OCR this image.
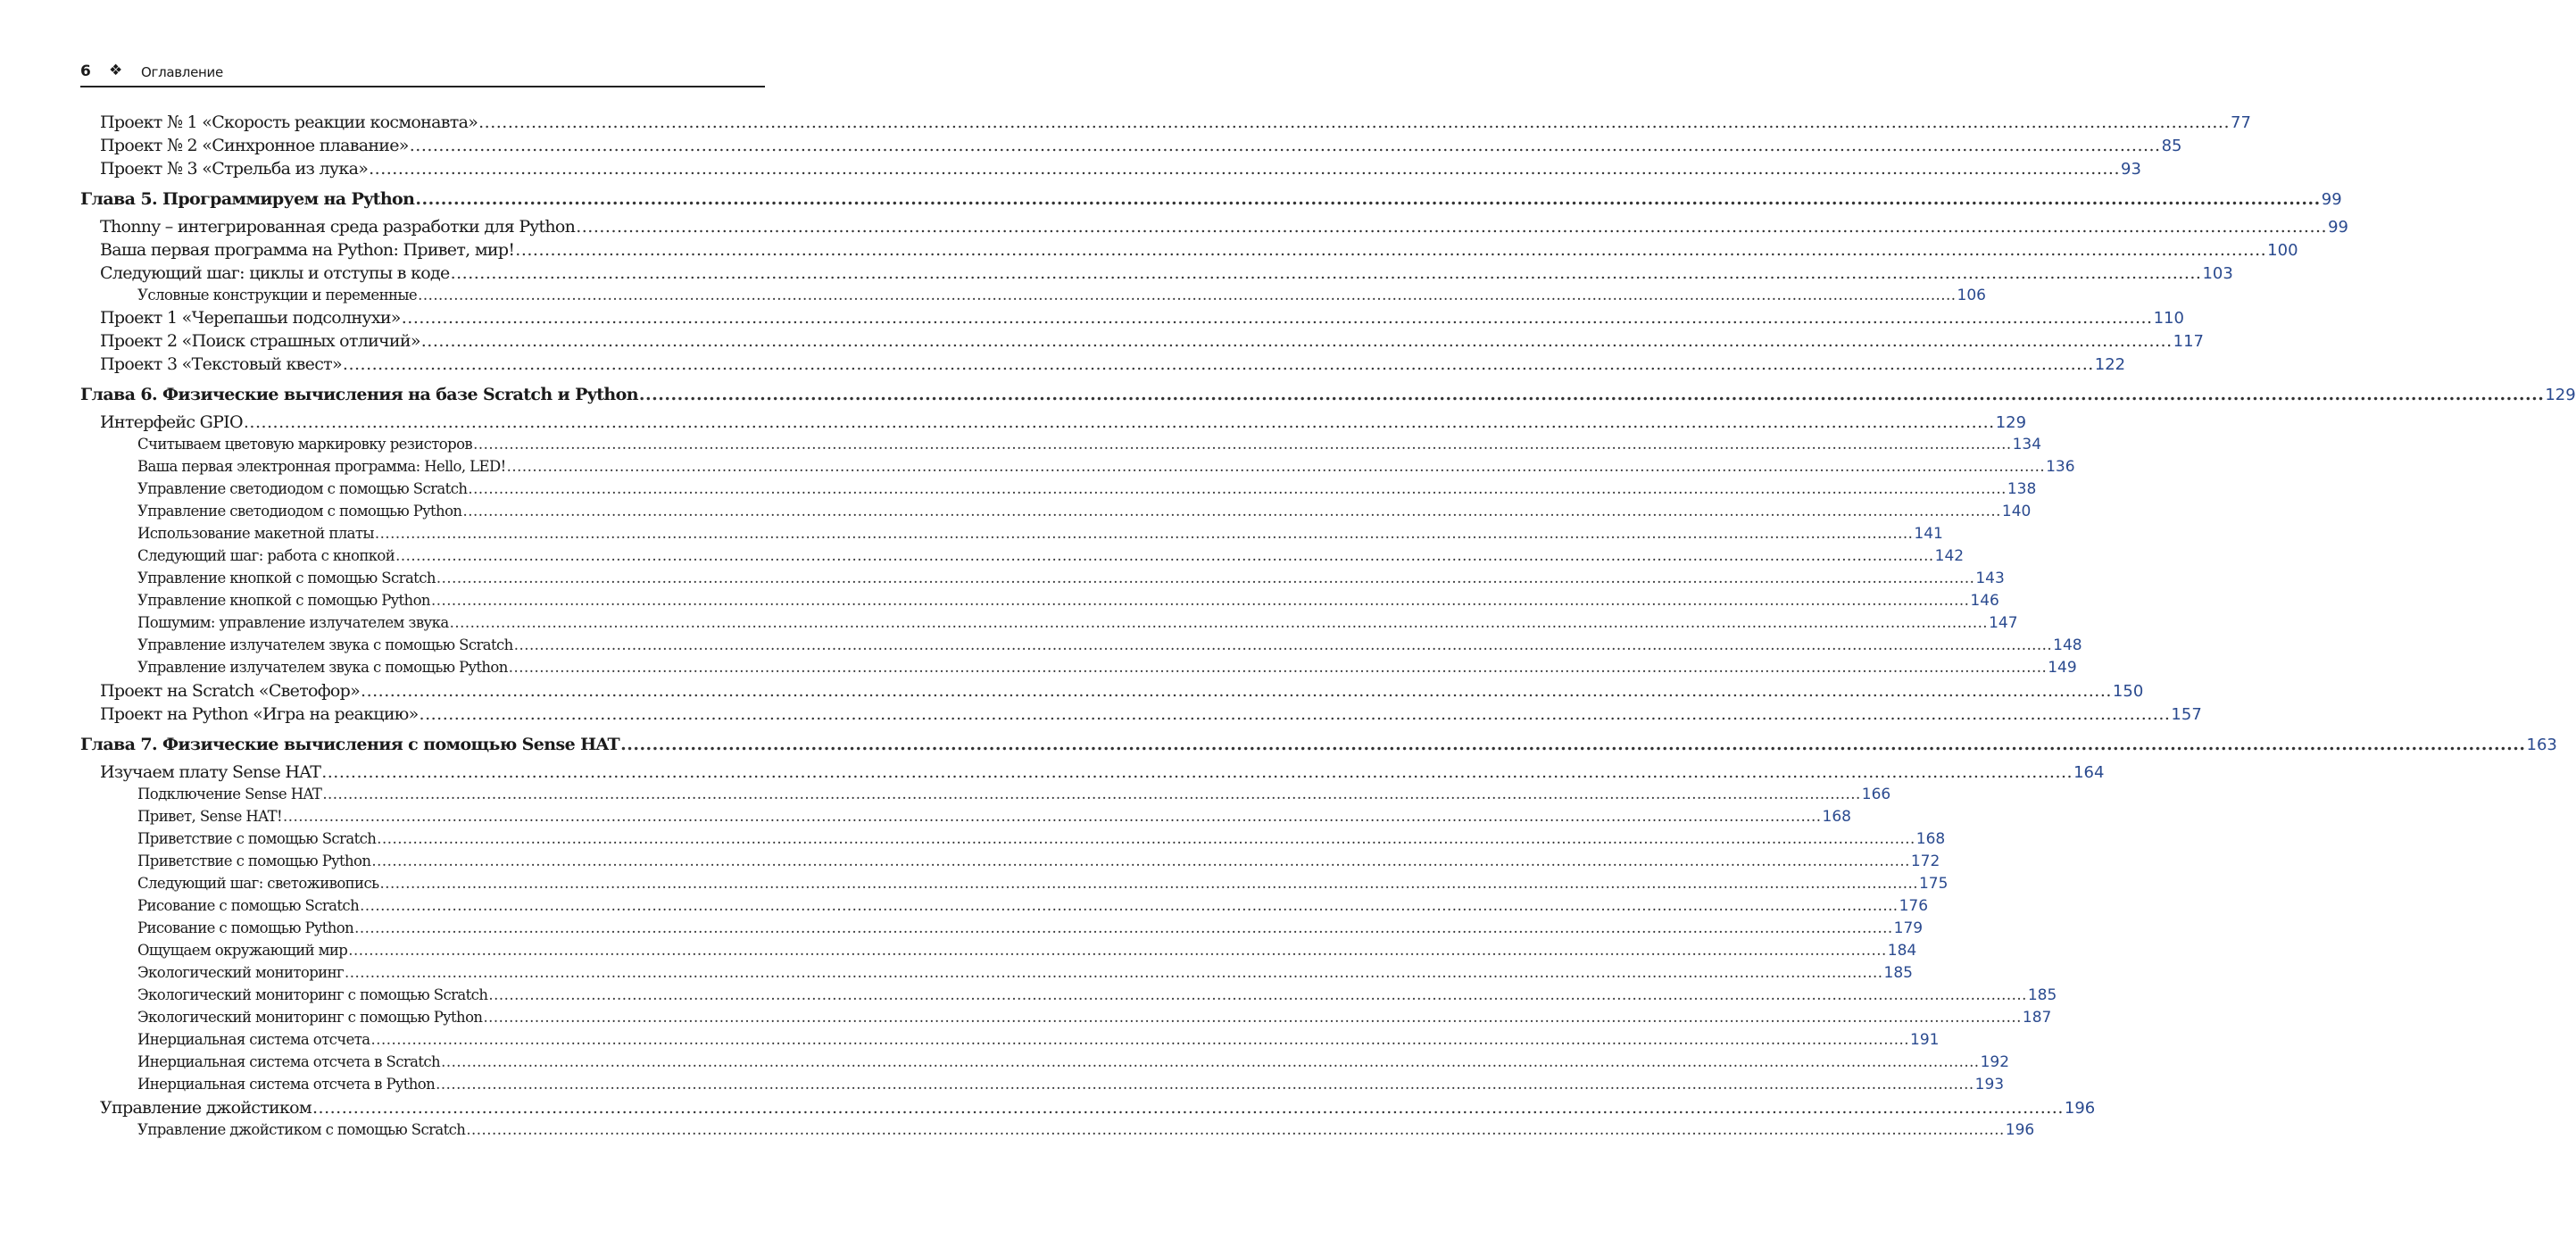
6 ❖ Оглавление
Проект № 1 «Скорость реакции космонавта» ............................................................................................................................................................................................................................................................................................................ 77
Проект № 2 «Синхронное плавание» ............................................................................................................................................................................................................................................................................................................ 85
Проект № 3 «Стрельба из лука» ............................................................................................................................................................................................................................................................................................................ 93
Глава 5. Программируем на Python ............................................................................................................................................................................................................................................................................................................ 99
Thonny – интегрированная среда разработки для Python ............................................................................................................................................................................................................................................................................................................ 99
Ваша первая программа на Python: Привет, мир! ............................................................................................................................................................................................................................................................................................................ 100
Следующий шаг: циклы и отступы в коде ............................................................................................................................................................................................................................................................................................................ 103
Условные конструкции и переменные ............................................................................................................................................................................................................................................................................................................ 106
Проект 1 «Черепашьи подсолнухи» ............................................................................................................................................................................................................................................................................................................ 110
Проект 2 «Поиск страшных отличий» ............................................................................................................................................................................................................................................................................................................ 117
Проект 3 «Текстовый квест» ............................................................................................................................................................................................................................................................................................................ 122
Глава 6. Физические вычисления на базе Scratch и Python ............................................................................................................................................................................................................................................................................................................ 129
Интерфейс GPIO ............................................................................................................................................................................................................................................................................................................ 129
Считываем цветовую маркировку резисторов ............................................................................................................................................................................................................................................................................................................ 134
Ваша первая электронная программа: Hello, LED! ............................................................................................................................................................................................................................................................................................................ 136
Управление светодиодом с помощью Scratch ............................................................................................................................................................................................................................................................................................................ 138
Управление светодиодом с помощью Python ............................................................................................................................................................................................................................................................................................................ 140
Использование макетной платы ............................................................................................................................................................................................................................................................................................................ 141
Следующий шаг: работа с кнопкой ............................................................................................................................................................................................................................................................................................................ 142
Управление кнопкой с помощью Scratch ............................................................................................................................................................................................................................................................................................................ 143
Управление кнопкой с помощью Python ............................................................................................................................................................................................................................................................................................................ 146
Пошумим: управление излучателем звука ............................................................................................................................................................................................................................................................................................................ 147
Управление излучателем звука с помощью Scratch ............................................................................................................................................................................................................................................................................................................ 148
Управление излучателем звука с помощью Python ............................................................................................................................................................................................................................................................................................................ 149
Проект на Scratch «Светофор» ............................................................................................................................................................................................................................................................................................................ 150
Проект на Python «Игра на реакцию» ............................................................................................................................................................................................................................................................................................................ 157
Глава 7. Физические вычисления с помощью Sense HAT ............................................................................................................................................................................................................................................................................................................ 163
Изучаем плату Sense HAT ............................................................................................................................................................................................................................................................................................................ 164
Подключение Sense HAT ............................................................................................................................................................................................................................................................................................................ 166
Привет, Sense HAT! ............................................................................................................................................................................................................................................................................................................ 168
Приветствие с помощью Scratch ............................................................................................................................................................................................................................................................................................................ 168
Приветствие с помощью Python ............................................................................................................................................................................................................................................................................................................ 172
Следующий шаг: светоживопись ............................................................................................................................................................................................................................................................................................................ 175
Рисование с помощью Scratch ............................................................................................................................................................................................................................................................................................................ 176
Рисование с помощью Python ............................................................................................................................................................................................................................................................................................................ 179
Ощущаем окружающий мир ............................................................................................................................................................................................................................................................................................................ 184
Экологический мониторинг ............................................................................................................................................................................................................................................................................................................ 185
Экологический мониторинг с помощью Scratch ............................................................................................................................................................................................................................................................................................................ 185
Экологический мониторинг с помощью Python ............................................................................................................................................................................................................................................................................................................ 187
Инерциальная система отсчета ............................................................................................................................................................................................................................................................................................................ 191
Инерциальная система отсчета в Scratch ............................................................................................................................................................................................................................................................................................................ 192
Инерциальная система отсчета в Python ............................................................................................................................................................................................................................................................................................................ 193
Управление джойстиком ............................................................................................................................................................................................................................................................................................................ 196
Управление джойстиком с помощью Scratch ............................................................................................................................................................................................................................................................................................................ 196
